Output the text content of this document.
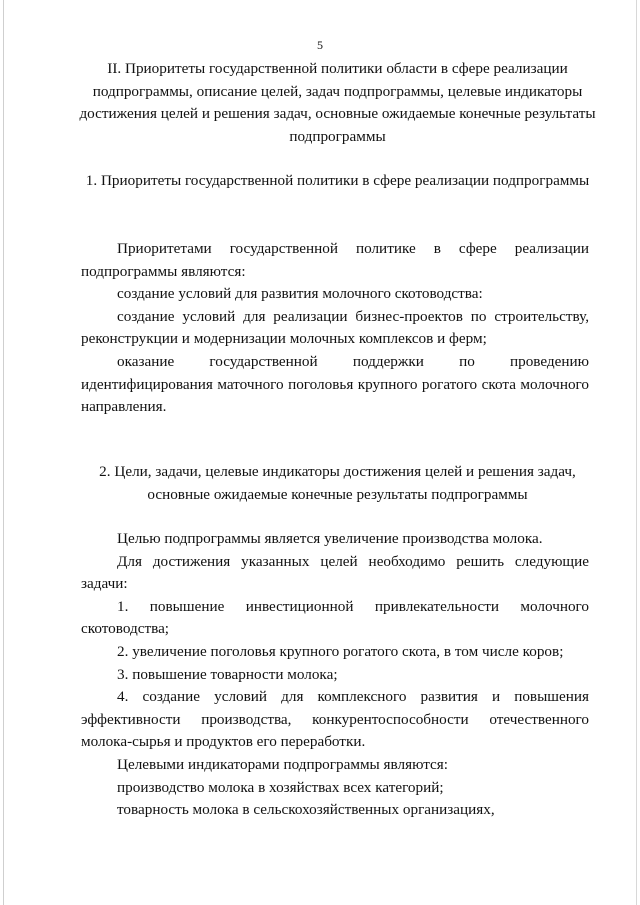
5
II. Приоритеты государственной политики области в сфере реализации подпрограммы, описание целей, задач подпрограммы, целевые индикаторы достижения целей и решения задач, основные ожидаемые конечные результаты подпрограммы
1. Приоритеты государственной политики в сфере реализации подпрограммы

Приоритетами государственной политике в сфере реализации подпрограммы являются:

создание условий для развития молочного скотоводства:

создание условий для реализации бизнес-проектов по строительству, реконструкции и модернизации молочных комплексов и ферм;

оказание государственной поддержки по проведению идентифицирования маточного поголовья крупного рогатого скота молочного направления.

2. Цели, задачи, целевые индикаторы достижения целей и решения задач, основные ожидаемые конечные результаты подпрограммы

Целью подпрограммы является увеличение производства молока.

Для достижения указанных целей необходимо решить следующие задачи:

1. повышение инвестиционной привлекательности молочного скотоводства;

2. увеличение поголовья крупного рогатого скота, в том числе коров;

3. повышение товарности молока;

4. создание условий для комплексного развития и повышения эффективности производства, конкурентоспособности отечественного молока-сырья и продуктов его переработки.

Целевыми индикаторами подпрограммы являются:

производство молока в хозяйствах всех категорий;

товарность молока в сельскохозяйственных организациях,
